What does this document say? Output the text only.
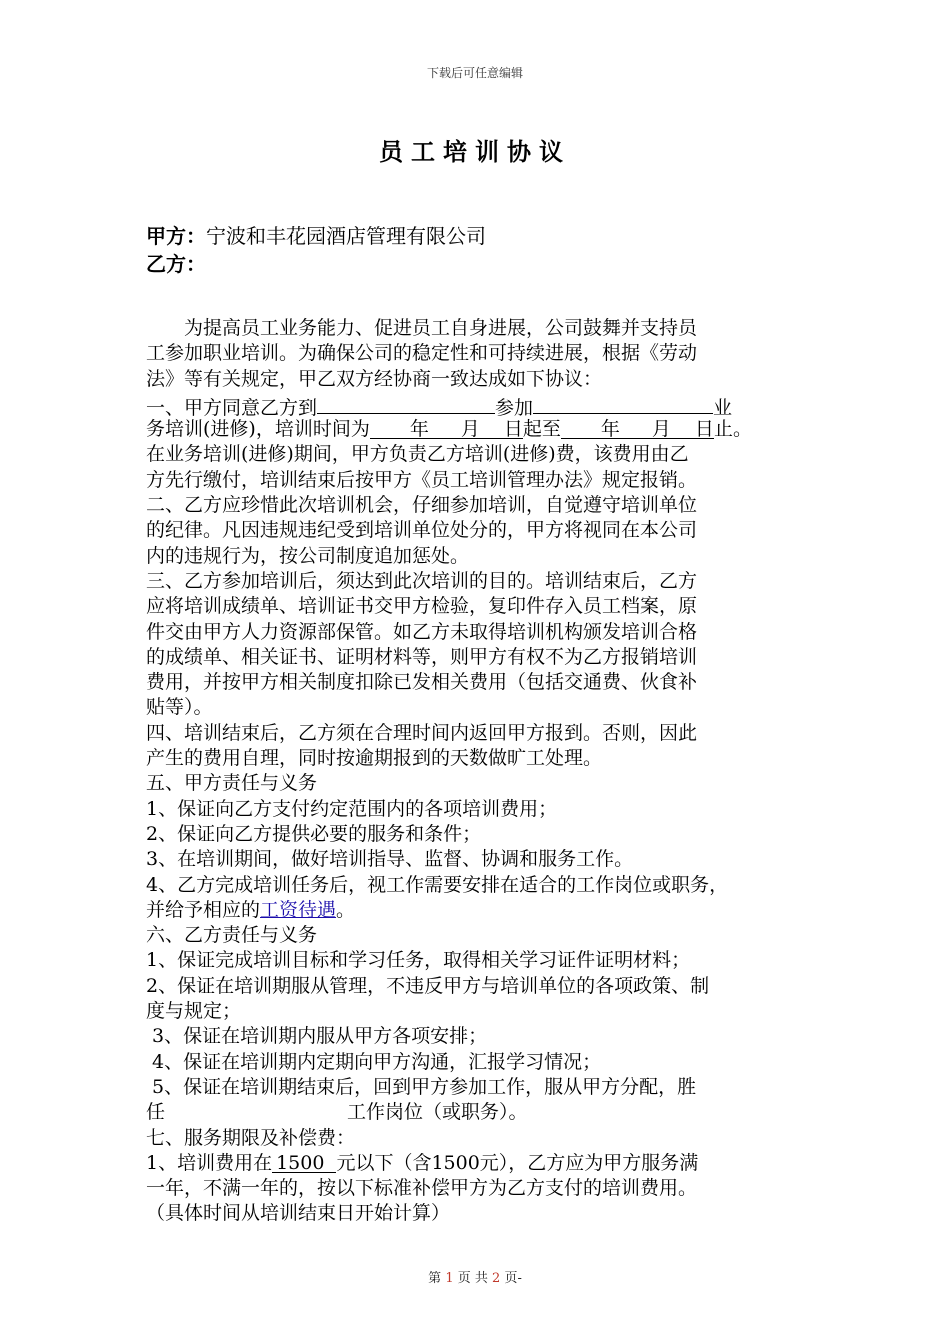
下载后可任意编辑
员工培训协议
甲方：宁波和丰花园酒店管理有限公司
乙方：
为提高员工业务能力、促进员工自身进展，公司鼓舞并支持员
工参加职业培训。为确保公司的稳定性和可持续进展，根据《劳动
法》等有关规定，甲乙双方经协商一致达成如下协议：
一、甲方同意乙方到	参加	业
务培训(进修)，培训时间为 年 月 日起至 年 月 日止。
在业务培训(进修)期间，甲方负责乙方培训(进修)费，该费用由乙
方先行缴付，培训结束后按甲方《员工培训管理办法》规定报销。
二、乙方应珍惜此次培训机会，仔细参加培训，自觉遵守培训单位
的纪律。凡因违规违纪受到培训单位处分的，甲方将视同在本公司
内的违规行为，按公司制度追加惩处。
三、乙方参加培训后，须达到此次培训的目的。培训结束后，乙方
应将培训成绩单、培训证书交甲方检验，复印件存入员工档案，原
件交由甲方人力资源部保管。如乙方未取得培训机构颁发培训合格
的成绩单、相关证书、证明材料等，则甲方有权不为乙方报销培训
费用，并按甲方相关制度扣除已发相关费用（包括交通费、伙食补
贴等）。
四、培训结束后，乙方须在合理时间内返回甲方报到。否则，因此
产生的费用自理，同时按逾期报到的天数做旷工处理。
五、甲方责任与义务
1、保证向乙方支付约定范围内的各项培训费用；
2、保证向乙方提供必要的服务和条件；
3、在培训期间，做好培训指导、监督、协调和服务工作。
4、乙方完成培训任务后，视工作需要安排在适合的工作岗位或职务，
并给予相应的工资待遇。
六、乙方责任与义务
1、保证完成培训目标和学习任务，取得相关学习证件证明材料；
2、保证在培训期服从管理，不违反甲方与培训单位的各项政策、制
度与规定；
3、保证在培训期内服从甲方各项安排；
4、保证在培训期内定期向甲方沟通，汇报学习情况；
5、保证在培训期结束后，回到甲方参加工作，服从甲方分配，胜
任	工作岗位（或职务）。
七、服务期限及补偿费：
1、培训费用在 1500 元以下（含1500元），乙方应为甲方服务满
一年，不满一年的，按以下标准补偿甲方为乙方支付的培训费用。
（具体时间从培训结束日开始计算）
第 1 页 共 2 页-
